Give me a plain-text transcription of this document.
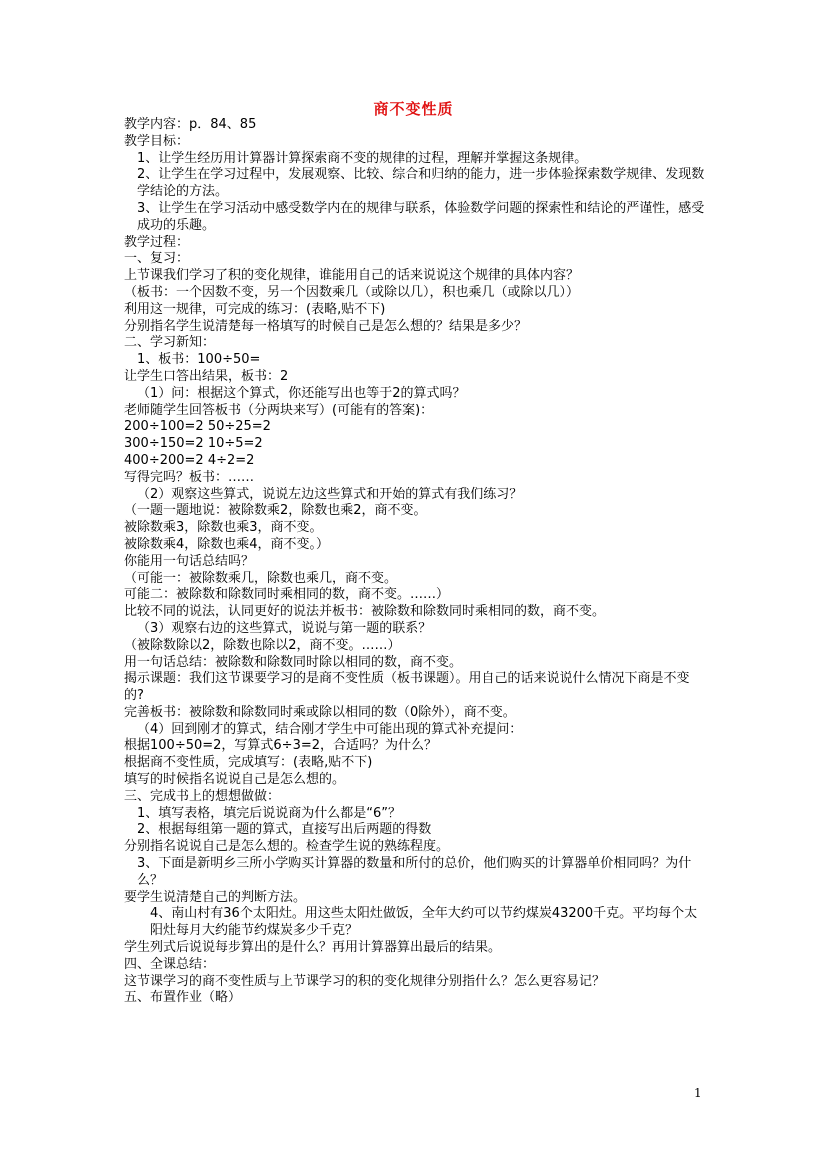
商不变性质
教学内容：p．84、85
教学目标：
1、让学生经历用计算器计算探索商不变的规律的过程，理解并掌握这条规律。
2、让学生在学习过程中，发展观察、比较、综合和归纳的能力，进一步体验探索数学规律、发现数学结论的方法。
3、让学生在学习活动中感受数学内在的规律与联系，体验数学问题的探索性和结论的严谨性，感受成功的乐趣。
教学过程：
一、复习：
上节课我们学习了积的变化规律，谁能用自己的话来说说这个规律的具体内容？
（板书：一个因数不变，另一个因数乘几（或除以几），积也乘几（或除以几））
利用这一规律，可完成的练习：(表略,贴不下)
分别指名学生说清楚每一格填写的时候自己是怎么想的？结果是多少？
二、学习新知：
1、板书：100÷50=
让学生口答出结果，板书：2
（1）问：根据这个算式，你还能写出也等于2的算式吗？
老师随学生回答板书（分两块来写）(可能有的答案)：
200÷100=2 50÷25=2
300÷150=2 10÷5=2
400÷200=2 4÷2=2
写得完吗？板书：……
（2）观察这些算式，说说左边这些算式和开始的算式有我们练习？
（一题一题地说：被除数乘2，除数也乘2，商不变。
被除数乘3，除数也乘3，商不变。
被除数乘4，除数也乘4，商不变。）
你能用一句话总结吗？
（可能一：被除数乘几，除数也乘几，商不变。
可能二：被除数和除数同时乘相同的数，商不变。……）
比较不同的说法，认同更好的说法并板书：被除数和除数同时乘相同的数，商不变。
（3）观察右边的这些算式，说说与第一题的联系？
（被除数除以2，除数也除以2，商不变。……）
用一句话总结：被除数和除数同时除以相同的数，商不变。
揭示课题：我们这节课要学习的是商不变性质（板书课题）。用自己的话来说说什么情况下商是不变的?
完善板书：被除数和除数同时乘或除以相同的数（0除外），商不变。
（4）回到刚才的算式，结合刚才学生中可能出现的算式补充提问：
根据100÷50=2，写算式6÷3=2，合适吗？为什么？
根据商不变性质，完成填写：(表略,贴不下)
填写的时候指名说说自己是怎么想的。
三、完成书上的想想做做：
1、填写表格，填完后说说商为什么都是“6”？
2、根据每组第一题的算式，直接写出后两题的得数
分别指名说说自己是怎么想的。检查学生说的熟练程度。
3、下面是新明乡三所小学购买计算器的数量和所付的总价，他们购买的计算器单价相同吗？为什么？
要学生说清楚自己的判断方法。
4、南山村有36个太阳灶。用这些太阳灶做饭，全年大约可以节约煤炭43200千克。平均每个太阳灶每月大约能节约煤炭多少千克？
学生列式后说说每步算出的是什么？再用计算器算出最后的结果。
四、全课总结：
这节课学习的商不变性质与上节课学习的积的变化规律分别指什么？怎么更容易记？
五、布置作业（略）
1
